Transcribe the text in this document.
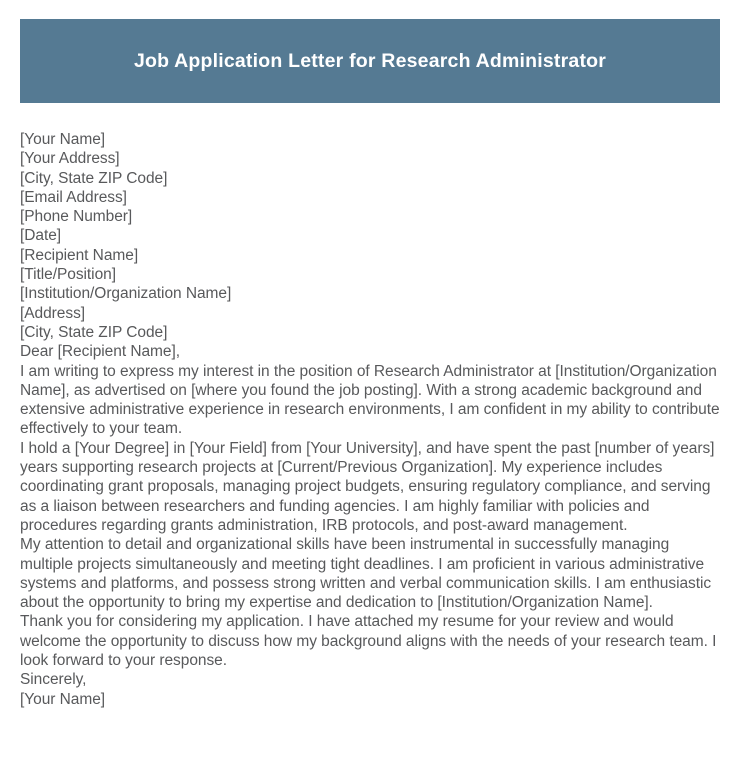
Job Application Letter for Research Administrator
[Your Name]
[Your Address]
[City, State ZIP Code]
[Email Address]
[Phone Number]
[Date]
[Recipient Name]
[Title/Position]
[Institution/Organization Name]
[Address]
[City, State ZIP Code]
Dear [Recipient Name],

I am writing to express my interest in the position of Research Administrator at [Institution/Organization Name], as advertised on [where you found the job posting]. With a strong academic background and extensive administrative experience in research environments, I am confident in my ability to contribute effectively to your team.

I hold a [Your Degree] in [Your Field] from [Your University], and have spent the past [number of years] years supporting research projects at [Current/Previous Organization]. My experience includes coordinating grant proposals, managing project budgets, ensuring regulatory compliance, and serving as a liaison between researchers and funding agencies. I am highly familiar with policies and procedures regarding grants administration, IRB protocols, and post-award management.

My attention to detail and organizational skills have been instrumental in successfully managing multiple projects simultaneously and meeting tight deadlines. I am proficient in various administrative systems and platforms, and possess strong written and verbal communication skills. I am enthusiastic about the opportunity to bring my expertise and dedication to [Institution/Organization Name].

Thank you for considering my application. I have attached my resume for your review and would welcome the opportunity to discuss how my background aligns with the needs of your research team. I look forward to your response.

Sincerely,
[Your Name]
